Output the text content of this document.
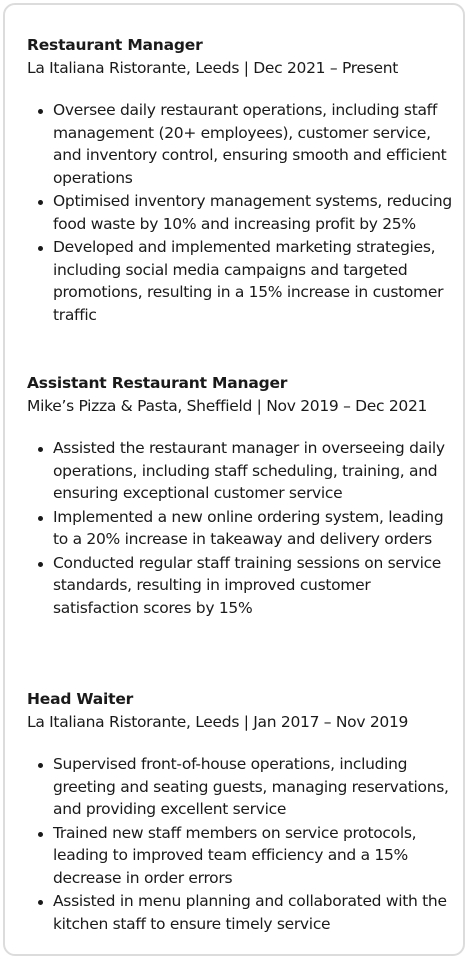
Restaurant Manager
La Italiana Ristorante, Leeds | Dec 2021 – Present
Oversee daily restaurant operations, including staff management (20+ employees), customer service, and inventory control, ensuring smooth and efficient operations
Optimised inventory management systems, reducing food waste by 10% and increasing profit by 25%
Developed and implemented marketing strategies, including social media campaigns and targeted promotions, resulting in a 15% increase in customer traffic
Assistant Restaurant Manager
Mike’s Pizza & Pasta, Sheffield | Nov 2019 – Dec 2021
Assisted the restaurant manager in overseeing daily operations, including staff scheduling, training, and ensuring exceptional customer service
Implemented a new online ordering system, leading to a 20% increase in takeaway and delivery orders
Conducted regular staff training sessions on service standards, resulting in improved customer satisfaction scores by 15%
Head Waiter
La Italiana Ristorante, Leeds | Jan 2017 – Nov 2019
Supervised front-of-house operations, including greeting and seating guests, managing reservations, and providing excellent service
Trained new staff members on service protocols, leading to improved team efficiency and a 15% decrease in order errors
Assisted in menu planning and collaborated with the kitchen staff to ensure timely service
